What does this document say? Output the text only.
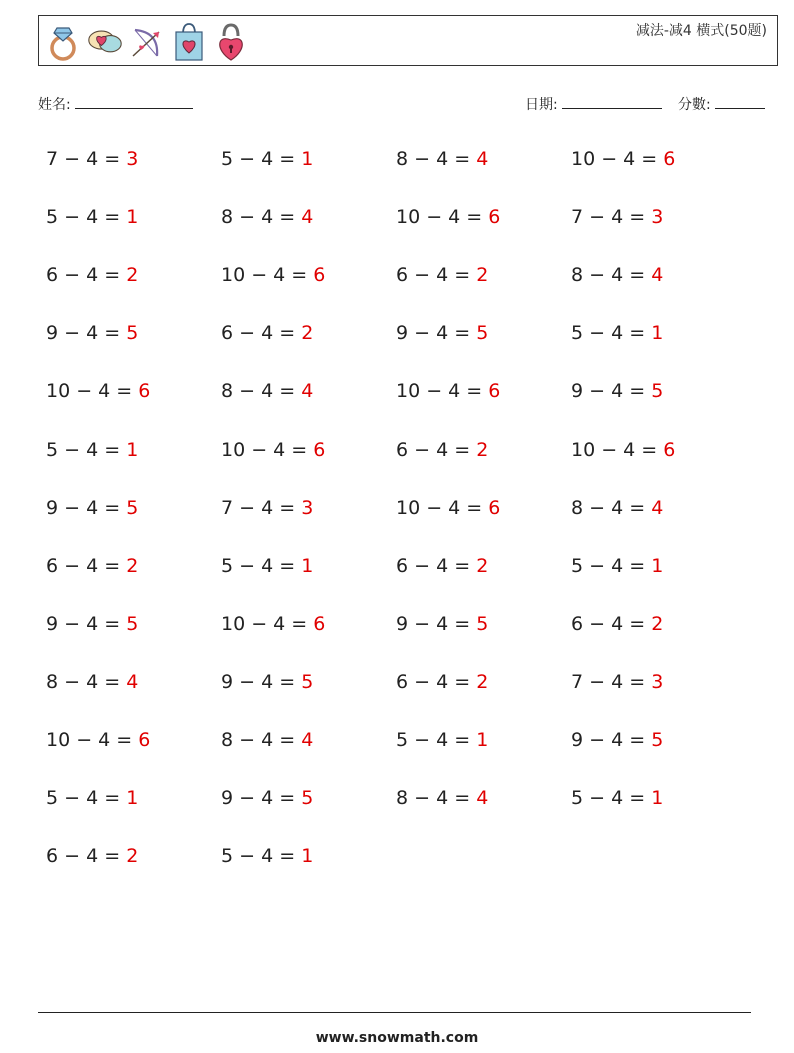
减法-减4 横式(50题)
姓名:	日期:	分數:
7 − 4 = 3	5 − 4 = 1	8 − 4 = 4	10 − 4 = 6
5 − 4 = 1	8 − 4 = 4	10 − 4 = 6	7 − 4 = 3
6 − 4 = 2	10 − 4 = 6	6 − 4 = 2	8 − 4 = 4
9 − 4 = 5	6 − 4 = 2	9 − 4 = 5	5 − 4 = 1
10 − 4 = 6	8 − 4 = 4	10 − 4 = 6	9 − 4 = 5
5 − 4 = 1	10 − 4 = 6	6 − 4 = 2	10 − 4 = 6
9 − 4 = 5	7 − 4 = 3	10 − 4 = 6	8 − 4 = 4
6 − 4 = 2	5 − 4 = 1	6 − 4 = 2	5 − 4 = 1
9 − 4 = 5	10 − 4 = 6	9 − 4 = 5	6 − 4 = 2
8 − 4 = 4	9 − 4 = 5	6 − 4 = 2	7 − 4 = 3
10 − 4 = 6	8 − 4 = 4	5 − 4 = 1	9 − 4 = 5
5 − 4 = 1	9 − 4 = 5	8 − 4 = 4	5 − 4 = 1
6 − 4 = 2	5 − 4 = 1
www.snowmath.com
